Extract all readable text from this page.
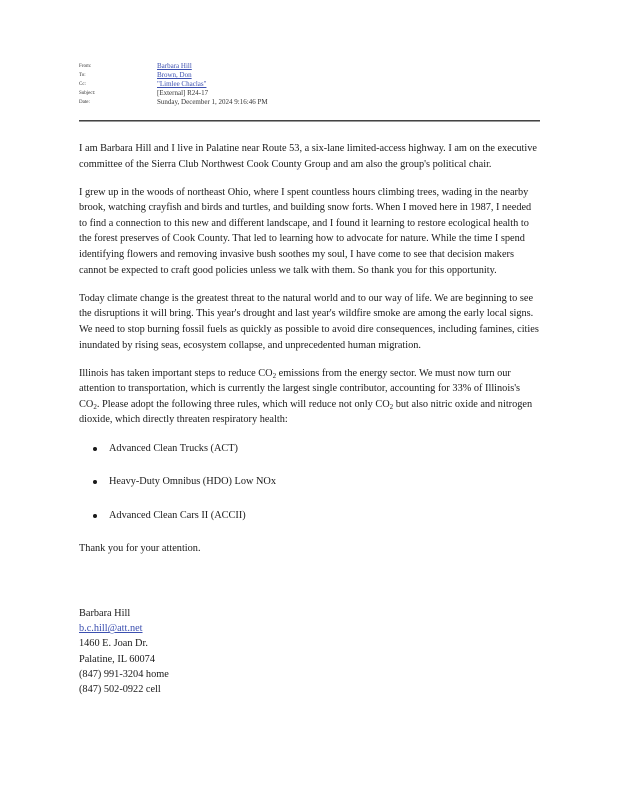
From:	Barbara Hill
To:	Brown, Don
Cc:	"Limlee Chaclas"
Subject:	[External] R24-17
Date:	Sunday, December 1, 2024 9:16:46 PM

I am Barbara Hill and I live in Palatine near Route 53, a six-lane limited-access highway. I am on the executive committee of the Sierra Club Northwest Cook County Group and am also the group's political chair.

I grew up in the woods of northeast Ohio, where I spent countless hours climbing trees, wading in the nearby brook, watching crayfish and birds and turtles, and building snow forts. When I moved here in 1987, I needed to find a connection to this new and different landscape, and I found it learning to restore ecological health to the forest preserves of Cook County. That led to learning how to advocate for nature. While the time I spend identifying flowers and removing invasive bush soothes my soul, I have come to see that decision makers cannot be expected to craft good policies unless we talk with them. So thank you for this opportunity.

Today climate change is the greatest threat to the natural world and to our way of life. We are beginning to see the disruptions it will bring. This year's drought and last year's wildfire smoke are among the early local signs. We need to stop burning fossil fuels as quickly as possible to avoid dire consequences, including famines, cities inundated by rising seas, ecosystem collapse, and unprecedented human migration.

Illinois has taken important steps to reduce $CO_2$ emissions from the energy sector. We must now turn our attention to transportation, which is currently the largest single contributor, accounting for 33% of Illinois's $CO_2$. Please adopt the following three rules, which will reduce not only $CO_2$ but also nitric oxide and nitrogen dioxide, which directly threaten respiratory health:

Advanced Clean Trucks (ACT)
Heavy-Duty Omnibus (HDO) Low NOx
Advanced Clean Cars II (ACCII)

Thank you for your attention.

Barbara Hill
b.c.hill@att.net
1460 E. Joan Dr.
Palatine, IL 60074
(847) 991-3204 home
(847) 502-0922 cell
